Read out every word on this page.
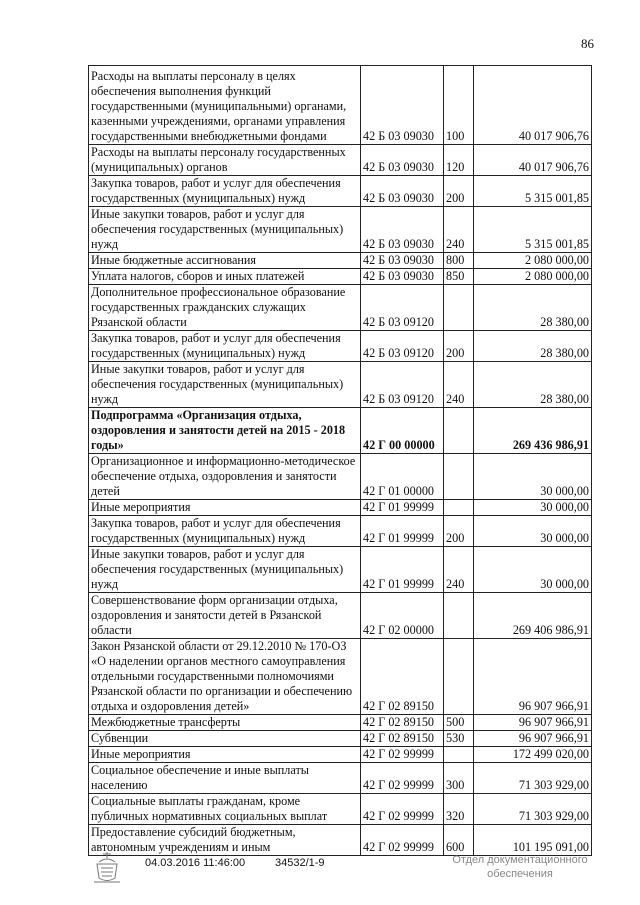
86
Расходы на выплаты персоналу в целях обеспечения выполнения функций государственными (муниципальными) органами, казенными учреждениями, органами управления государственными внебюджетными фондами	42 Б 03 09030	100	40 017 906,76
Расходы на выплаты персоналу государственных (муниципальных) органов	42 Б 03 09030	120	40 017 906,76
Закупка товаров, работ и услуг для обеспечения государственных (муниципальных) нужд	42 Б 03 09030	200	5 315 001,85
Иные закупки товаров, работ и услуг для обеспечения государственных (муниципальных) нужд	42 Б 03 09030	240	5 315 001,85
Иные бюджетные ассигнования	42 Б 03 09030	800	2 080 000,00
Уплата налогов, сборов и иных платежей	42 Б 03 09030	850	2 080 000,00
Дополнительное профессиональное образование государственных гражданских служащих Рязанской области	42 Б 03 09120		28 380,00
Закупка товаров, работ и услуг для обеспечения государственных (муниципальных) нужд	42 Б 03 09120	200	28 380,00
Иные закупки товаров, работ и услуг для обеспечения государственных (муниципальных) нужд	42 Б 03 09120	240	28 380,00
Подпрограмма «Организация отдыха, оздоровления и занятости детей на 2015 - 2018 годы»	42 Г 00 00000		269 436 986,91
Организационное и информационно-методическое обеспечение отдыха, оздоровления и занятости детей	42 Г 01 00000		30 000,00
Иные мероприятия	42 Г 01 99999		30 000,00
Закупка товаров, работ и услуг для обеспечения государственных (муниципальных) нужд	42 Г 01 99999	200	30 000,00
Иные закупки товаров, работ и услуг для обеспечения государственных (муниципальных) нужд	42 Г 01 99999	240	30 000,00
Совершенствование форм организации отдыха, оздоровления и занятости детей в Рязанской области	42 Г 02 00000		269 406 986,91
Закон Рязанской области от 29.12.2010 № 170-ОЗ «О наделении органов местного самоуправления отдельными государственными полномочиями Рязанской области по организации и обеспечению отдыха и оздоровления детей»	42 Г 02 89150		96 907 966,91
Межбюджетные трансферты	42 Г 02 89150	500	96 907 966,91
Субвенции	42 Г 02 89150	530	96 907 966,91
Иные мероприятия	42 Г 02 99999		172 499 020,00
Социальное обеспечение и иные выплаты населению	42 Г 02 99999	300	71 303 929,00
Социальные выплаты гражданам, кроме публичных нормативных социальных выплат	42 Г 02 99999	320	71 303 929,00
Предоставление субсидий бюджетным, автономным учреждениям и иным	42 Г 02 99999	600	101 195 091,00
04.03.2016 11:46:00	34532/1-9	Отдел документационного обеспечения
